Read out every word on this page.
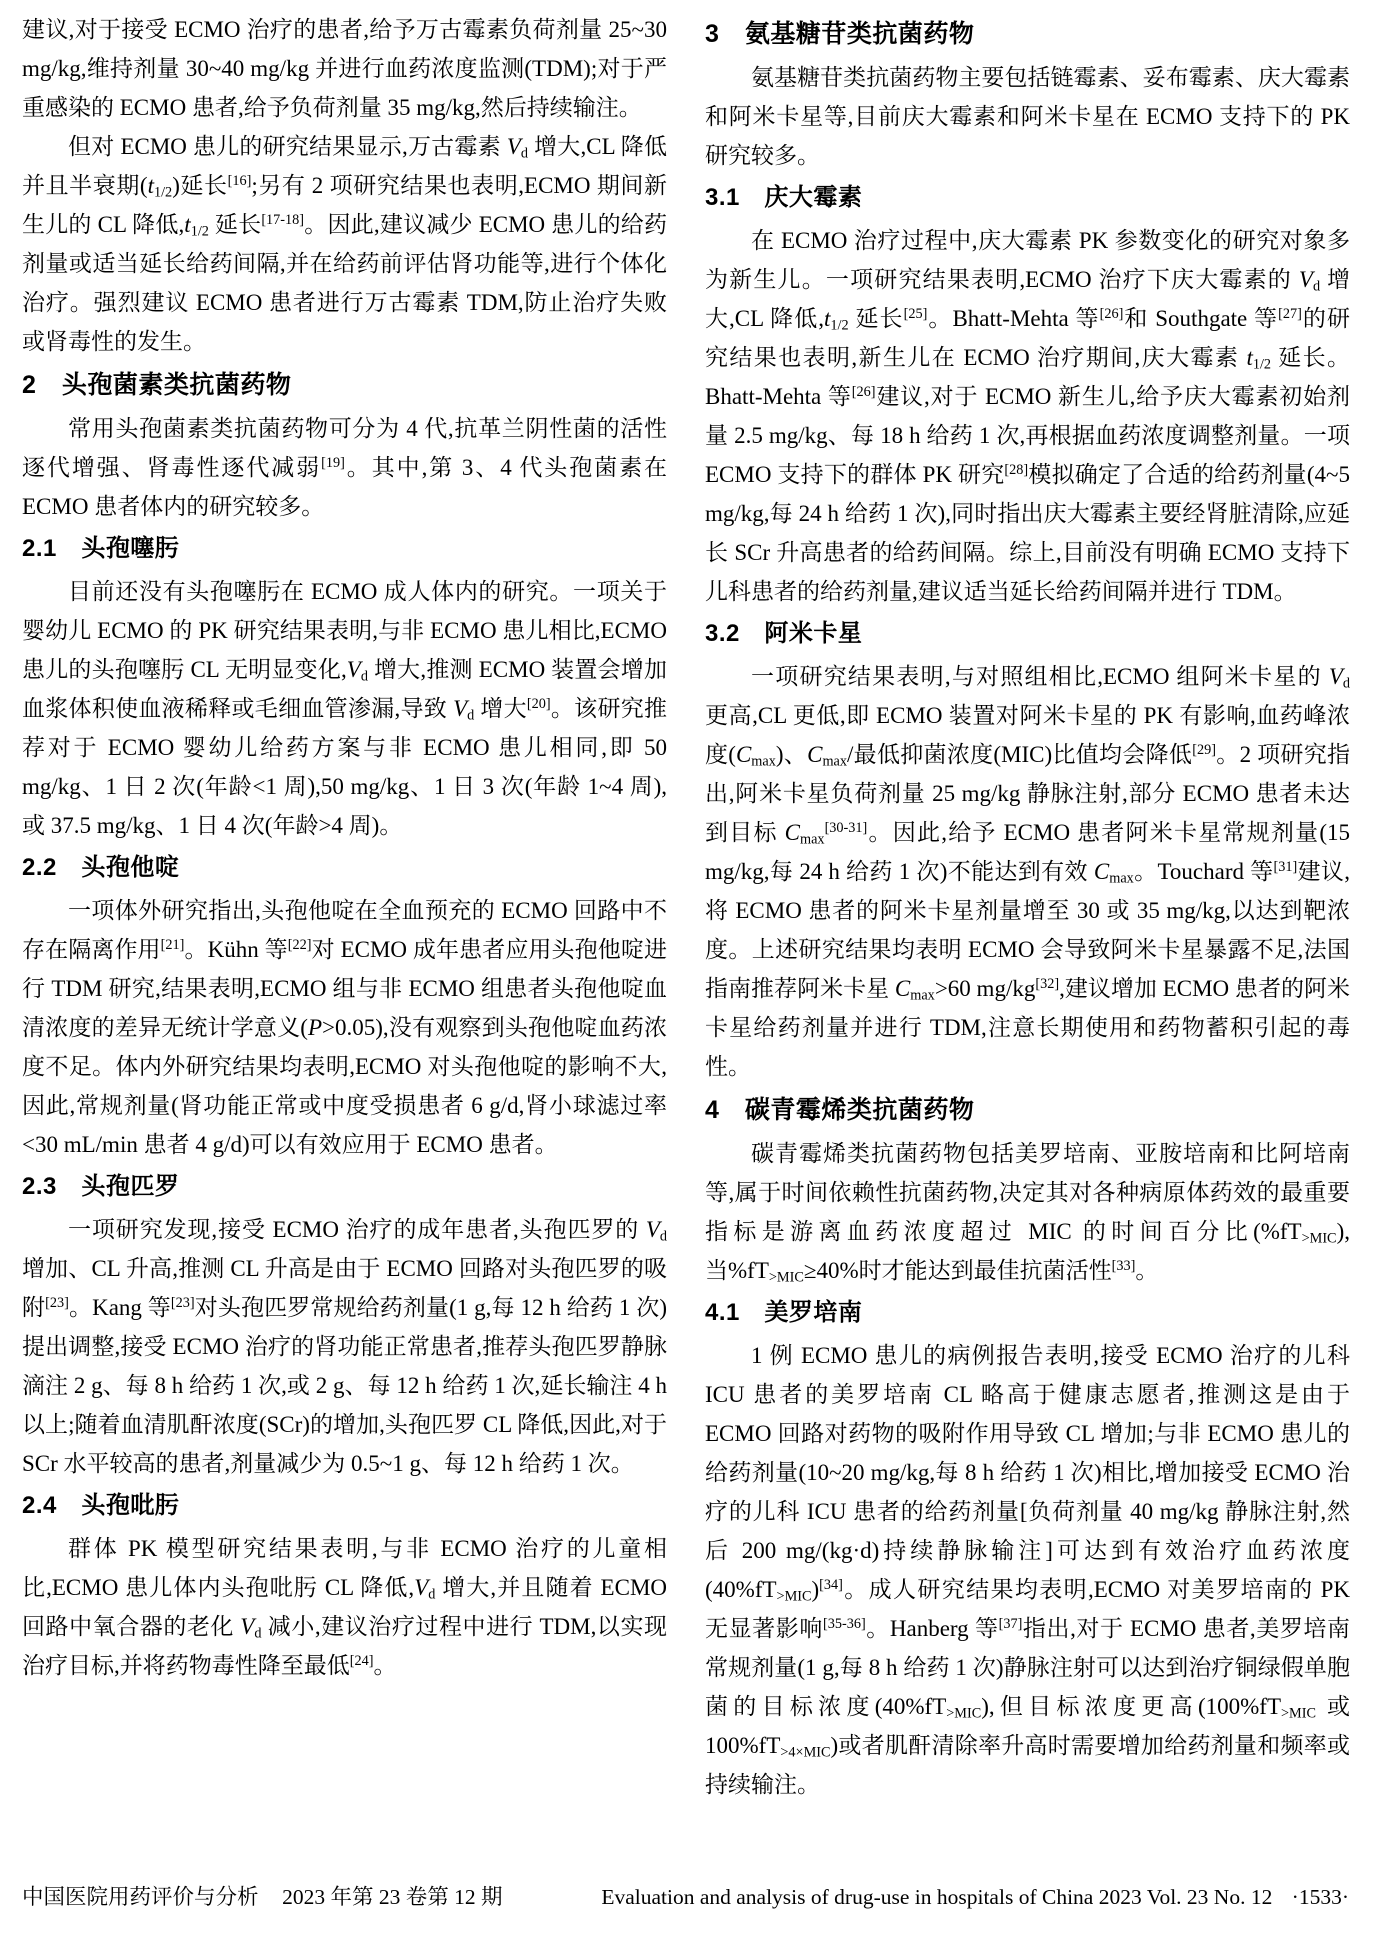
建议,对于接受 ECMO 治疗的患者,给予万古霉素负荷剂量 25~30 mg/kg,维持剂量 30~40 mg/kg 并进行血药浓度监测(TDM);对于严重感染的 ECMO 患者,给予负荷剂量 35 mg/kg,然后持续输注。

但对 ECMO 患儿的研究结果显示,万古霉素 $V_d$ 增大,CL 降低并且半衰期$(t_{1/2})$延长[16];另有 2 项研究结果也表明,ECMO 期间新生儿的 CL 降低$,t_{1/2}$ 延长[17-18]。因此,建议减少 ECMO 患儿的给药剂量或适当延长给药间隔,并在给药前评估肾功能等,进行个体化治疗。强烈建议 ECMO 患者进行万古霉素 TDM,防止治疗失败或肾毒性的发生。

2　头孢菌素类抗菌药物

常用头孢菌素类抗菌药物可分为 4 代,抗革兰阴性菌的活性逐代增强、肾毒性逐代减弱[19]。其中,第 3、4 代头孢菌素在 ECMO 患者体内的研究较多。

2.1　头孢噻肟

目前还没有头孢噻肟在 ECMO 成人体内的研究。一项关于婴幼儿 ECMO 的 PK 研究结果表明,与非 ECMO 患儿相比,ECMO 患儿的头孢噻肟 CL 无明显变化$,V_d$ 增大,推测 ECMO 装置会增加血浆体积使血液稀释或毛细血管渗漏,导致 $V_d$ 增大[20]。该研究推荐对于 ECMO 婴幼儿给药方案与非 ECMO 患儿相同,即 50 mg/kg、1 日 2 次(年龄<1 周),50 mg/kg、1 日 3 次(年龄 1~4 周),或 37.5 mg/kg、1 日 4 次(年龄>4 周)。

2.2　头孢他啶

一项体外研究指出,头孢他啶在全血预充的 ECMO 回路中不存在隔离作用[21]。Kühn 等[22]对 ECMO 成年患者应用头孢他啶进行 TDM 研究,结果表明,ECMO 组与非 ECMO 组患者头孢他啶血清浓度的差异无统计学意义(P>0.05),没有观察到头孢他啶血药浓度不足。体内外研究结果均表明,ECMO 对头孢他啶的影响不大,因此,常规剂量(肾功能正常或中度受损患者 6 g/d,肾小球滤过率<30 mL/min 患者 4 g/d)可以有效应用于 ECMO 患者。

2.3　头孢匹罗

一项研究发现,接受 ECMO 治疗的成年患者,头孢匹罗的 $V_d$ 增加、CL 升高,推测 CL 升高是由于 ECMO 回路对头孢匹罗的吸附[23]。Kang 等[23]对头孢匹罗常规给药剂量(1 g,每 12 h 给药 1 次)提出调整,接受 ECMO 治疗的肾功能正常患者,推荐头孢匹罗静脉滴注 2 g、每 8 h 给药 1 次,或 2 g、每 12 h 给药 1 次,延长输注 4 h 以上;随着血清肌酐浓度(SCr)的增加,头孢匹罗 CL 降低,因此,对于 SCr 水平较高的患者,剂量减少为 0.5~1 g、每 12 h 给药 1 次。

2.4　头孢吡肟

群体 PK 模型研究结果表明,与非 ECMO 治疗的儿童相比,ECMO 患儿体内头孢吡肟 CL 降低$,V_d$ 增大,并且随着 ECMO 回路中氧合器的老化 $V_d$ 减小,建议治疗过程中进行 TDM,以实现治疗目标,并将药物毒性降至最低[24]。

3　氨基糖苷类抗菌药物

氨基糖苷类抗菌药物主要包括链霉素、妥布霉素、庆大霉素和阿米卡星等,目前庆大霉素和阿米卡星在 ECMO 支持下的 PK 研究较多。

3.1　庆大霉素

在 ECMO 治疗过程中,庆大霉素 PK 参数变化的研究对象多为新生儿。一项研究结果表明,ECMO 治疗下庆大霉素的 $V_d$ 增大,CL 降低$,t_{1/2}$ 延长[25]。Bhatt-Mehta 等[26]和 Southgate 等[27]的研究结果也表明,新生儿在 ECMO 治疗期间,庆大霉素 $t_{1/2}$ 延长。Bhatt-Mehta 等[26]建议,对于 ECMO 新生儿,给予庆大霉素初始剂量 2.5 mg/kg、每 18 h 给药 1 次,再根据血药浓度调整剂量。一项 ECMO 支持下的群体 PK 研究[28]模拟确定了合适的给药剂量(4~5 mg/kg,每 24 h 给药 1 次),同时指出庆大霉素主要经肾脏清除,应延长 SCr 升高患者的给药间隔。综上,目前没有明确 ECMO 支持下儿科患者的给药剂量,建议适当延长给药间隔并进行 TDM。

3.2　阿米卡星

一项研究结果表明,与对照组相比,ECMO 组阿米卡星的 $V_d$ 更高,CL 更低,即 ECMO 装置对阿米卡星的 PK 有影响,血药峰浓度$(C_{max})$、$C_{max}/$最低抑菌浓度(MIC)比值均会降低[29]。2 项研究指出,阿米卡星负荷剂量 25 mg/kg 静脉注射,部分 ECMO 患者未达到目标 $C_{max}[30-31]$。因此,给予 ECMO 患者阿米卡星常规剂量(15 mg/kg,每 24 h 给药 1 次)不能达到有效 $C_{max}$。Touchard 等[31]建议,将 ECMO 患者的阿米卡星剂量增至 30 或 35 mg/kg,以达到靶浓度。上述研究结果均表明 ECMO 会导致阿米卡星暴露不足,法国指南推荐阿米卡星 $C_{max}>60$ mg/kg[32],建议增加 ECMO 患者的阿米卡星给药剂量并进行 TDM,注意长期使用和药物蓄积引起的毒性。

4　碳青霉烯类抗菌药物

碳青霉烯类抗菌药物包括美罗培南、亚胺培南和比阿培南等,属于时间依赖性抗菌药物,决定其对各种病原体药效的最重要指标是游离血药浓度超过 MIC 的时间百分比$(\%fT_{>MIC})$,当$\%fT_{>MIC}\ge 40\%$时才能达到最佳抗菌活性[33]。

4.1　美罗培南

1 例 ECMO 患儿的病例报告表明,接受 ECMO 治疗的儿科 ICU 患者的美罗培南 CL 略高于健康志愿者,推测这是由于 ECMO 回路对药物的吸附作用导致 CL 增加;与非 ECMO 患儿的给药剂量(10~20 mg/kg,每 8 h 给药 1 次)相比,增加接受 ECMO 治疗的儿科 ICU 患者的给药剂量[负荷剂量 40 mg/kg 静脉注射,然后 200 mg/(kg·d)持续静脉输注]可达到有效治疗血药浓度$(40\%fT_{>MIC})[34]$。成人研究结果均表明,ECMO 对美罗培南的 PK 无显著影响[35-36]。Hanberg 等[37]指出,对于 ECMO 患者,美罗培南常规剂量(1 g,每 8 h 给药 1 次)静脉注射可以达到治疗铜绿假单胞菌的目标浓度$(40\%fT_{>MIC})$,但目标浓度更高($100\%fT_{>MIC}$ 或 $100\%fT_{>4\times MIC}$)或者肌酐清除率升高时需要增加给药剂量和频率或持续输注。

中国医院用药评价与分析 2023 年第 23 卷第 12 期	Evaluation and analysis of drug-use in hospitals of China 2023 Vol. 23 No. 12 ·1533·
